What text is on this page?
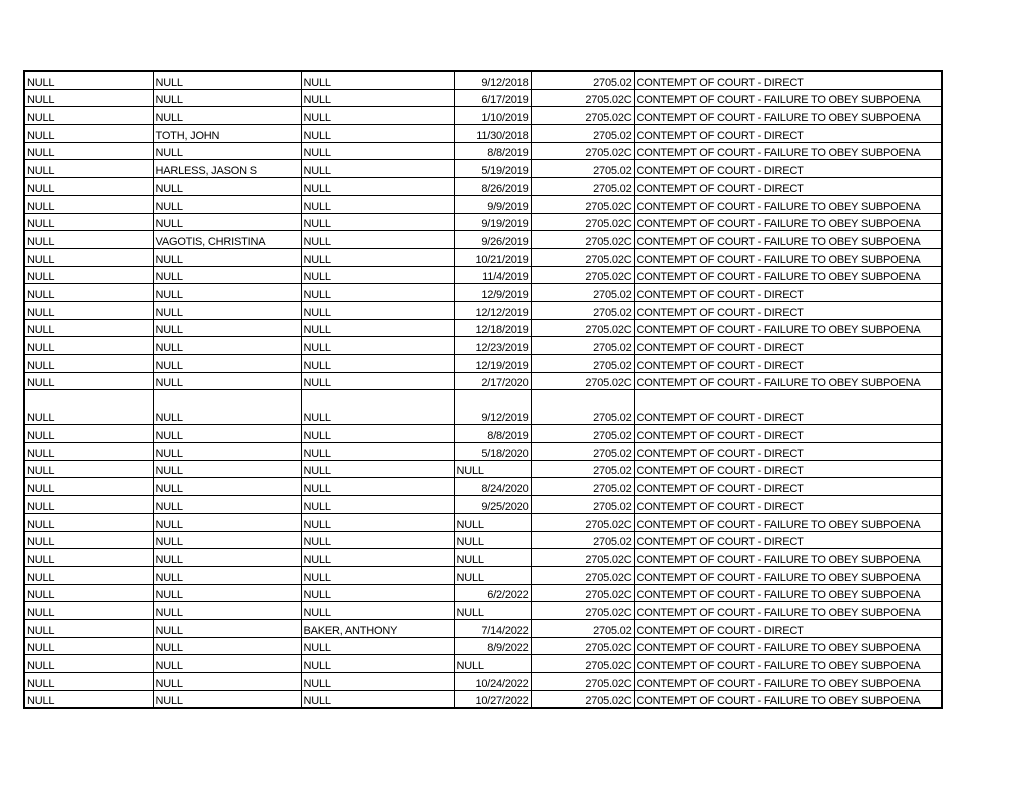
NULL	NULL	NULL	9/12/2018	2705.02	CONTEMPT OF COURT - DIRECT
NULL	NULL	NULL	6/17/2019	2705.02C	CONTEMPT OF COURT - FAILURE TO OBEY SUBPOENA
NULL	NULL	NULL	1/10/2019	2705.02C	CONTEMPT OF COURT - FAILURE TO OBEY SUBPOENA
NULL	TOTH, JOHN	NULL	11/30/2018	2705.02	CONTEMPT OF COURT - DIRECT
NULL	NULL	NULL	8/8/2019	2705.02C	CONTEMPT OF COURT - FAILURE TO OBEY SUBPOENA
NULL	HARLESS, JASON S	NULL	5/19/2019	2705.02	CONTEMPT OF COURT - DIRECT
NULL	NULL	NULL	8/26/2019	2705.02	CONTEMPT OF COURT - DIRECT
NULL	NULL	NULL	9/9/2019	2705.02C	CONTEMPT OF COURT - FAILURE TO OBEY SUBPOENA
NULL	NULL	NULL	9/19/2019	2705.02C	CONTEMPT OF COURT - FAILURE TO OBEY SUBPOENA
NULL	VAGOTIS, CHRISTINA	NULL	9/26/2019	2705.02C	CONTEMPT OF COURT - FAILURE TO OBEY SUBPOENA
NULL	NULL	NULL	10/21/2019	2705.02C	CONTEMPT OF COURT - FAILURE TO OBEY SUBPOENA
NULL	NULL	NULL	11/4/2019	2705.02C	CONTEMPT OF COURT - FAILURE TO OBEY SUBPOENA
NULL	NULL	NULL	12/9/2019	2705.02	CONTEMPT OF COURT - DIRECT
NULL	NULL	NULL	12/12/2019	2705.02	CONTEMPT OF COURT - DIRECT
NULL	NULL	NULL	12/18/2019	2705.02C	CONTEMPT OF COURT - FAILURE TO OBEY SUBPOENA
NULL	NULL	NULL	12/23/2019	2705.02	CONTEMPT OF COURT - DIRECT
NULL	NULL	NULL	12/19/2019	2705.02	CONTEMPT OF COURT - DIRECT
NULL	NULL	NULL	2/17/2020	2705.02C	CONTEMPT OF COURT - FAILURE TO OBEY SUBPOENA
NULL	NULL	NULL	9/12/2019	2705.02	CONTEMPT OF COURT - DIRECT
NULL	NULL	NULL	8/8/2019	2705.02	CONTEMPT OF COURT - DIRECT
NULL	NULL	NULL	5/18/2020	2705.02	CONTEMPT OF COURT - DIRECT
NULL	NULL	NULL	NULL	2705.02	CONTEMPT OF COURT - DIRECT
NULL	NULL	NULL	8/24/2020	2705.02	CONTEMPT OF COURT - DIRECT
NULL	NULL	NULL	9/25/2020	2705.02	CONTEMPT OF COURT - DIRECT
NULL	NULL	NULL	NULL	2705.02C	CONTEMPT OF COURT - FAILURE TO OBEY SUBPOENA
NULL	NULL	NULL	NULL	2705.02	CONTEMPT OF COURT - DIRECT
NULL	NULL	NULL	NULL	2705.02C	CONTEMPT OF COURT - FAILURE TO OBEY SUBPOENA
NULL	NULL	NULL	NULL	2705.02C	CONTEMPT OF COURT - FAILURE TO OBEY SUBPOENA
NULL	NULL	NULL	6/2/2022	2705.02C	CONTEMPT OF COURT - FAILURE TO OBEY SUBPOENA
NULL	NULL	NULL	NULL	2705.02C	CONTEMPT OF COURT - FAILURE TO OBEY SUBPOENA
NULL	NULL	BAKER, ANTHONY	7/14/2022	2705.02	CONTEMPT OF COURT - DIRECT
NULL	NULL	NULL	8/9/2022	2705.02C	CONTEMPT OF COURT - FAILURE TO OBEY SUBPOENA
NULL	NULL	NULL	NULL	2705.02C	CONTEMPT OF COURT - FAILURE TO OBEY SUBPOENA
NULL	NULL	NULL	10/24/2022	2705.02C	CONTEMPT OF COURT - FAILURE TO OBEY SUBPOENA
NULL	NULL	NULL	10/27/2022	2705.02C	CONTEMPT OF COURT - FAILURE TO OBEY SUBPOENA
